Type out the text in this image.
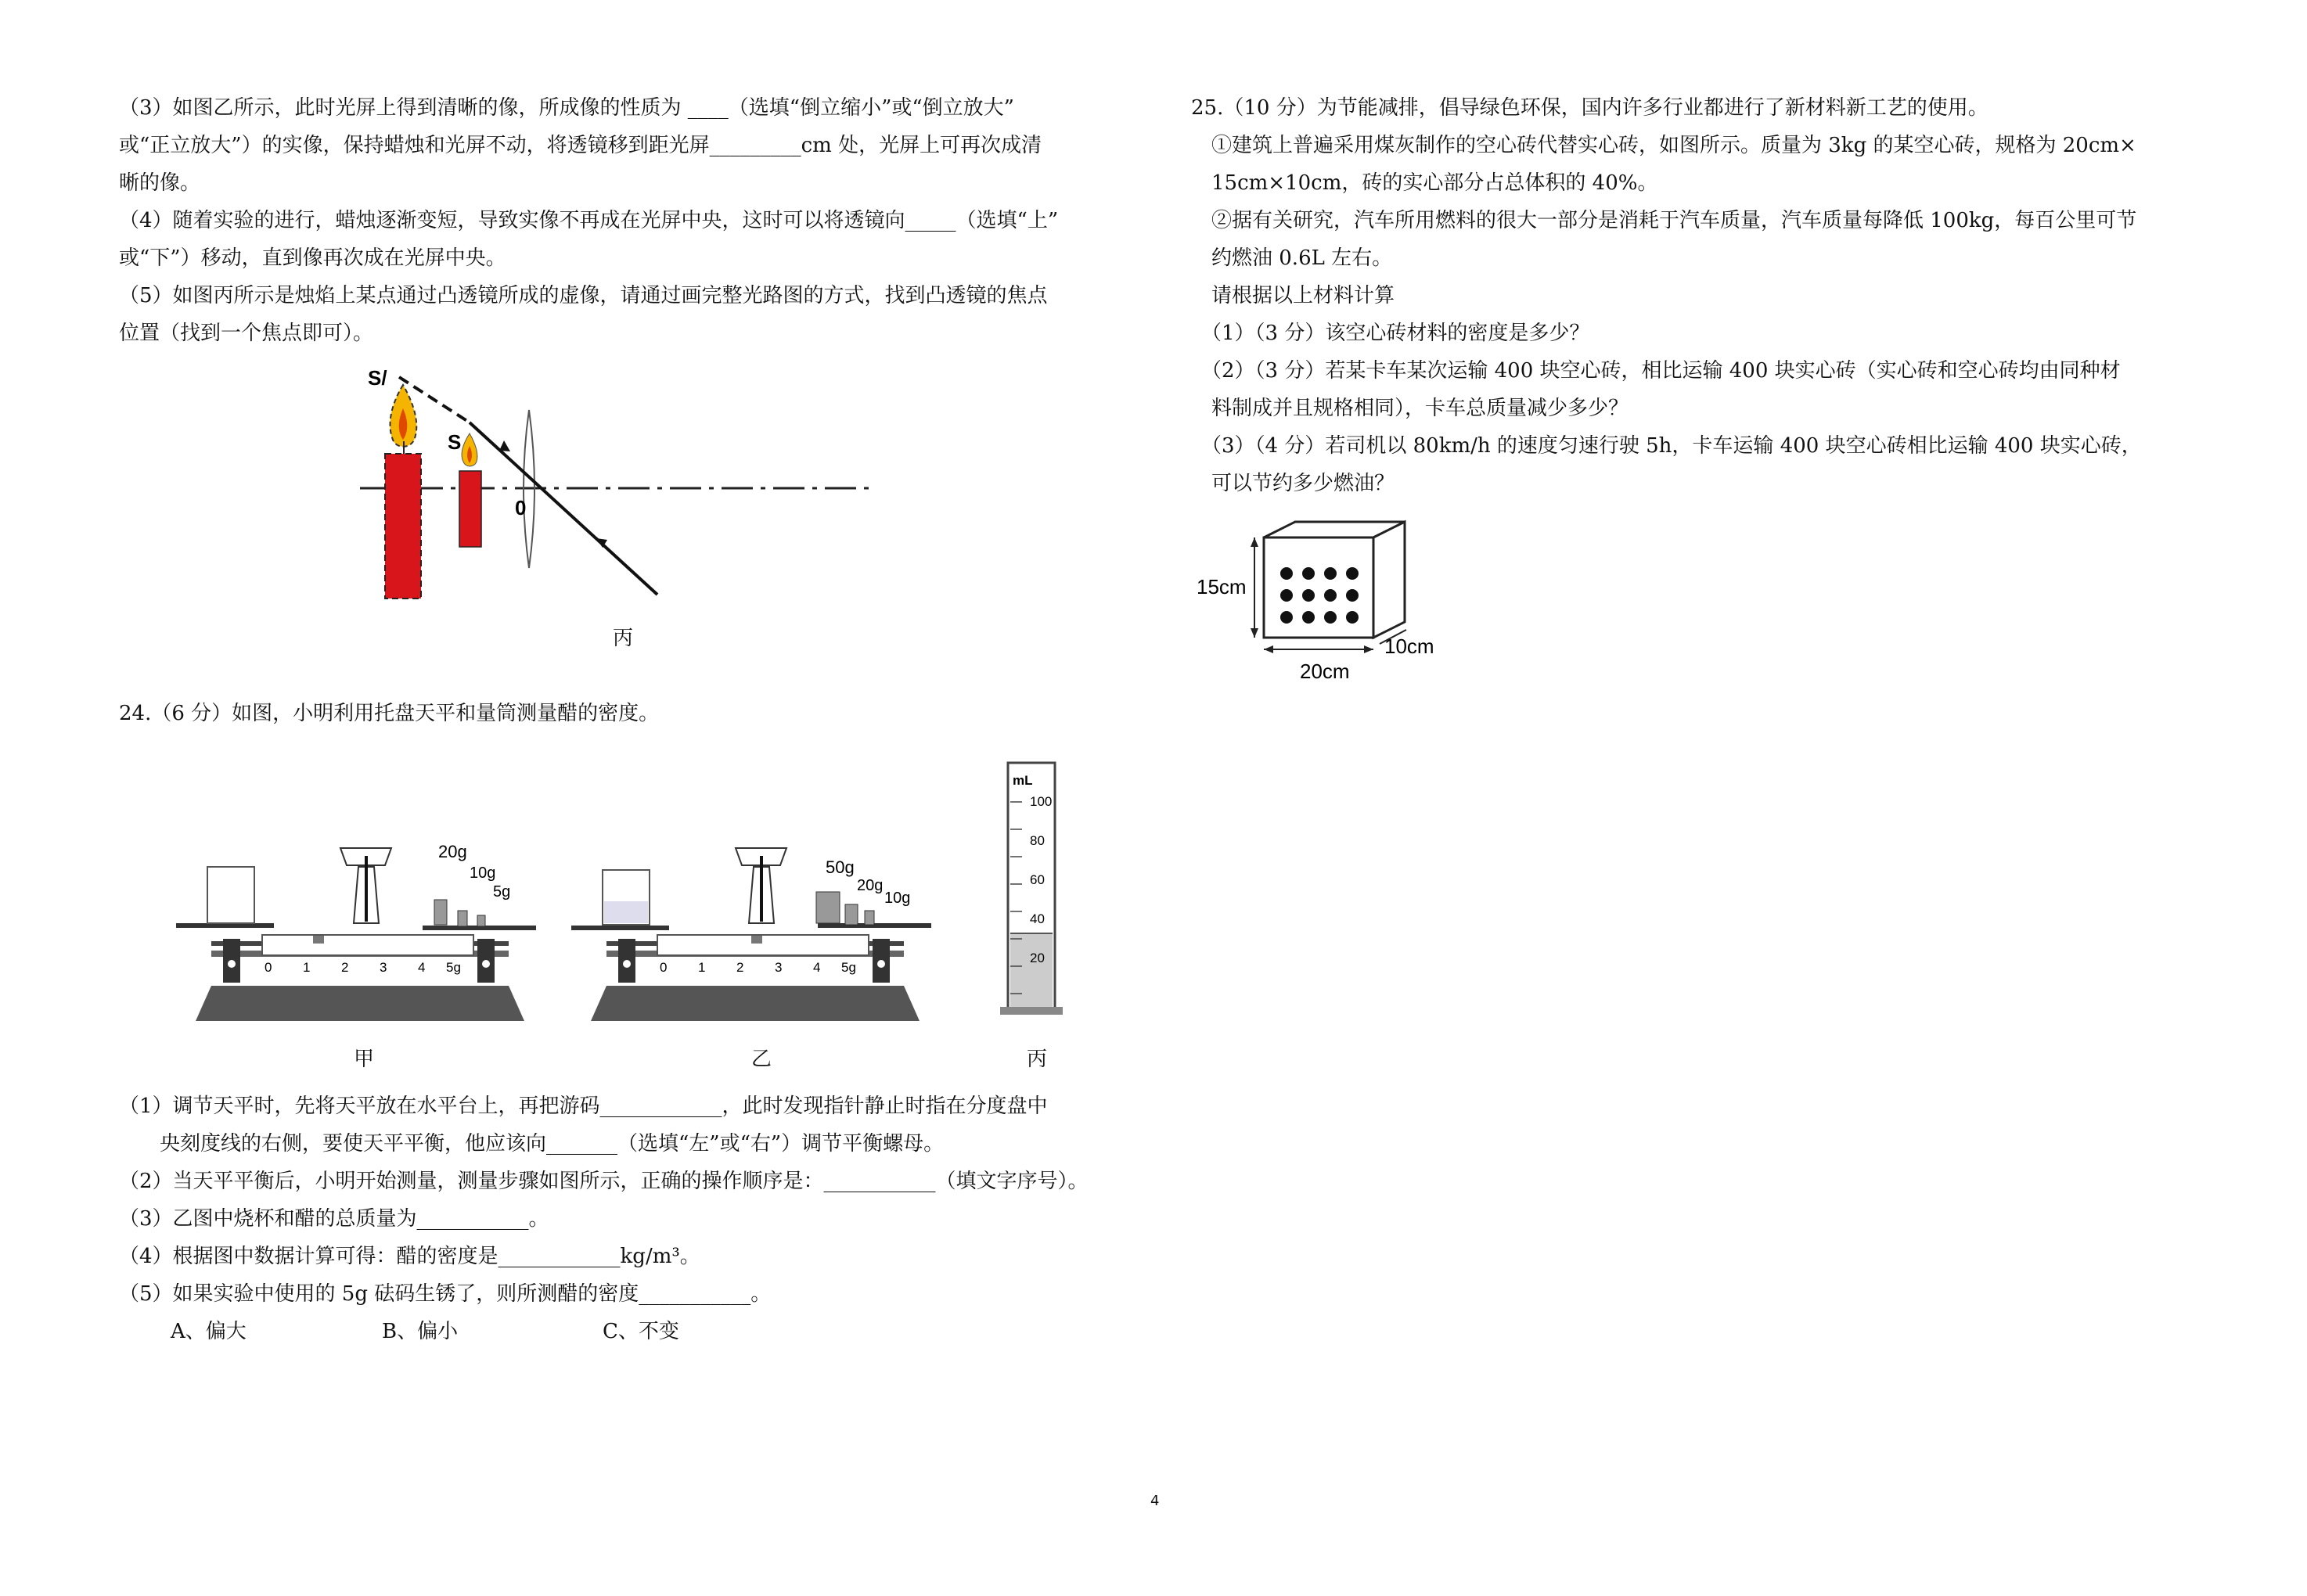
（3）如图乙所示，此时光屏上得到清晰的像，所成像的性质为 ____（选填“倒立缩小”或“倒立放大”
或“正立放大”）的实像，保持蜡烛和光屏不动，将透镜移到距光屏_________cm 处，光屏上可再次成清
晰的像。
（4）随着实验的进行，蜡烛逐渐变短，导致实像不再成在光屏中央，这时可以将透镜向_____（选填“上”
或“下”）移动，直到像再次成在光屏中央。
（5）如图丙所示是烛焰上某点通过凸透镜所成的虚像，请通过画完整光路图的方式，找到凸透镜的焦点
位置（找到一个焦点即可）。
S/
S
0
丙
24.（6 分）如图，小明利用托盘天平和量筒测量醋的密度。
0 1 2 3 4 5g
20g
10g
5g
0 1 2 3 4 5g
50g
20g
10g
mL
100
80
60
40
20
甲	乙	丙
（1）调节天平时，先将天平放在水平台上，再把游码____________，此时发现指针静止时指在分度盘中
　　央刻度线的右侧，要使天平平衡，他应该向_______（选填“左”或“右”）调节平衡螺母。
（2）当天平平衡后，小明开始测量，测量步骤如图所示，正确的操作顺序是：___________（填文字序号）。
（3）乙图中烧杯和醋的总质量为___________。
（4）根据图中数据计算可得：醋的密度是____________kg/m³。
（5）如果实验中使用的 5g 砝码生锈了，则所测醋的密度___________。
A、偏大	B、偏小	C、不变
25.（10 分）为节能减排，倡导绿色环保，国内许多行业都进行了新材料新工艺的使用。
　①建筑上普遍采用煤灰制作的空心砖代替实心砖，如图所示。质量为 3kg 的某空心砖，规格为 20cm×
　15cm×10cm，砖的实心部分占总体积的 40%。
　②据有关研究，汽车所用燃料的很大一部分是消耗于汽车质量，汽车质量每降低 100kg，每百公里可节
　约燃油 0.6L 左右。
　请根据以上材料计算
　（1）（3 分）该空心砖材料的密度是多少？
　（2）（3 分）若某卡车某次运输 400 块空心砖，相比运输 400 块实心砖（实心砖和空心砖均由同种材
　料制成并且规格相同），卡车总质量减少多少？
　（3）（4 分）若司机以 80km/h 的速度匀速行驶 5h，卡车运输 400 块空心砖相比运输 400 块实心砖，
　可以节约多少燃油？
15cm
20cm
10cm
4
